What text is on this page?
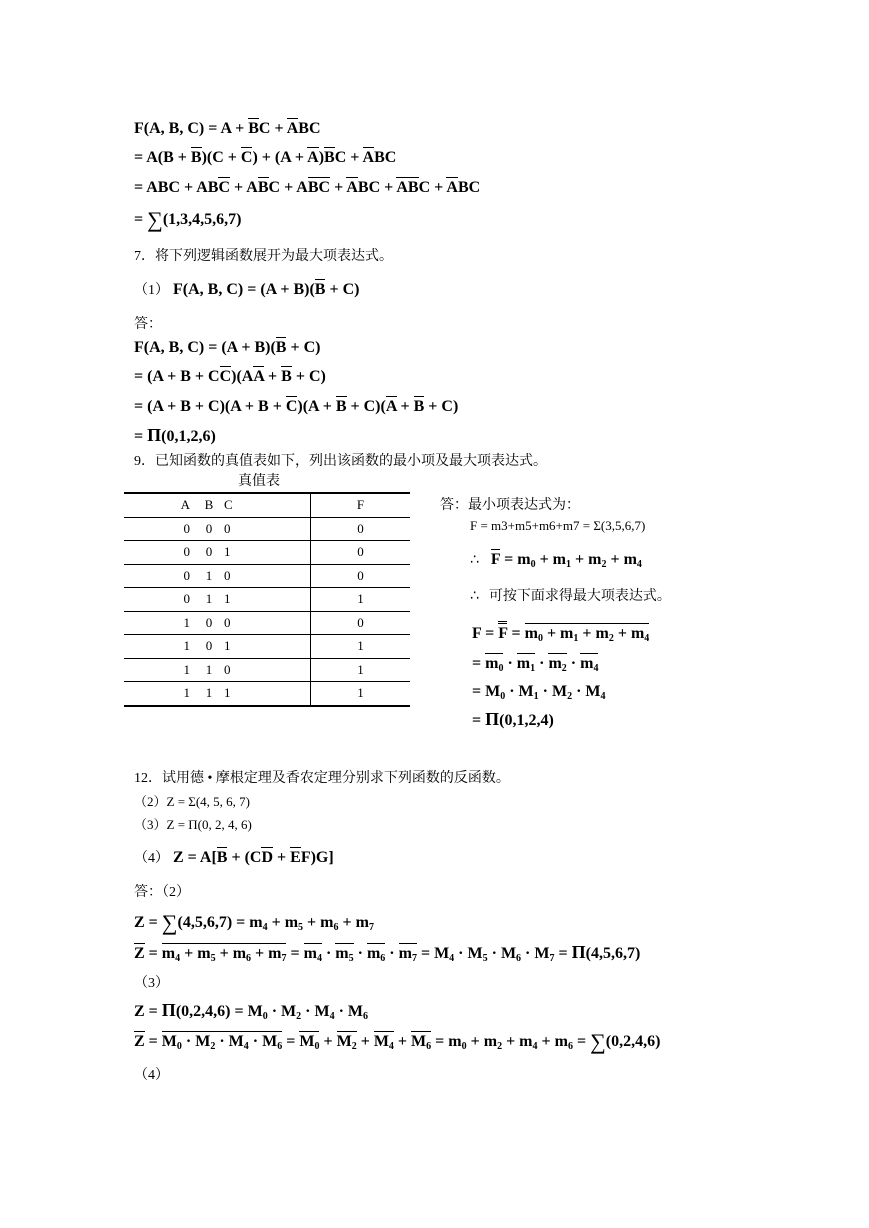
F(A, B, C) = A + BC + ABC
= A(B + B)(C + C) + (A + A)BC + ABC
= ABC + ABC + ABC + ABC + ABC + ABC + ABC
= ∑(1,3,4,5,6,7)
7．将下列逻辑函数展开为最大项表达式。
（1） F(A, B, C) = (A + B)(B + C)
答：
F(A, B, C) = (A + B)(B + C)
= (A + B + CC)(AA + B + C)
= (A + B + C)(A + B + C)(A + B + C)(A + B + C)
= Π(0,1,2,6)
9．已知函数的真值表如下，列出该函数的最小项及最大项表达式。
真值表
A	B	C		F
0	0	0		0
0	0	1		0
0	1	0		0
0	1	1		1
1	0	0		0
1	0	1		1
1	1	0		1
1	1	1		1
答：最小项表达式为：
F = m3+m5+m6+m7 = Σ(3,5,6,7)
∴ $F = m_0 + m_1 + m_2 + m_4$
∴ 可按下面求得最大项表达式。
$F = F = m_0 + m_1 + m_2 + m_4$
= $m_0 \cdot m_1 \cdot m_2 \cdot m_4$
= $M_0 \cdot M_1 \cdot M_2 \cdot M_4$
= Π(0,1,2,4)
12．试用德 • 摩根定理及香农定理分别求下列函数的反函数。
（2）Z = Σ(4, 5, 6, 7)
（3）Z = Π(0, 2, 4, 6)
（4） Z = A[B + (CD + EF)G]
答：（2）
$Z = \sum(4,5,6,7) = m_4 + m_5 + m_6 + m_7$
$Z = m_4 + m_5 + m_6 + m_7 = m_4 \cdot m_5 \cdot m_6 \cdot m_7 = M_4 \cdot M_5 \cdot M_6 \cdot M_7 = \Pi(4,5,6,7)$
（3）
$Z = \Pi(0,2,4,6) = M_0 \cdot M_2 \cdot M_4 \cdot M_6$
$Z = M_0 \cdot M_2 \cdot M_4 \cdot M_6 = M_0 + M_2 + M_4 + M_6 = m_0 + m_2 + m_4 + m_6 = \sum(0,2,4,6)$
（4）
